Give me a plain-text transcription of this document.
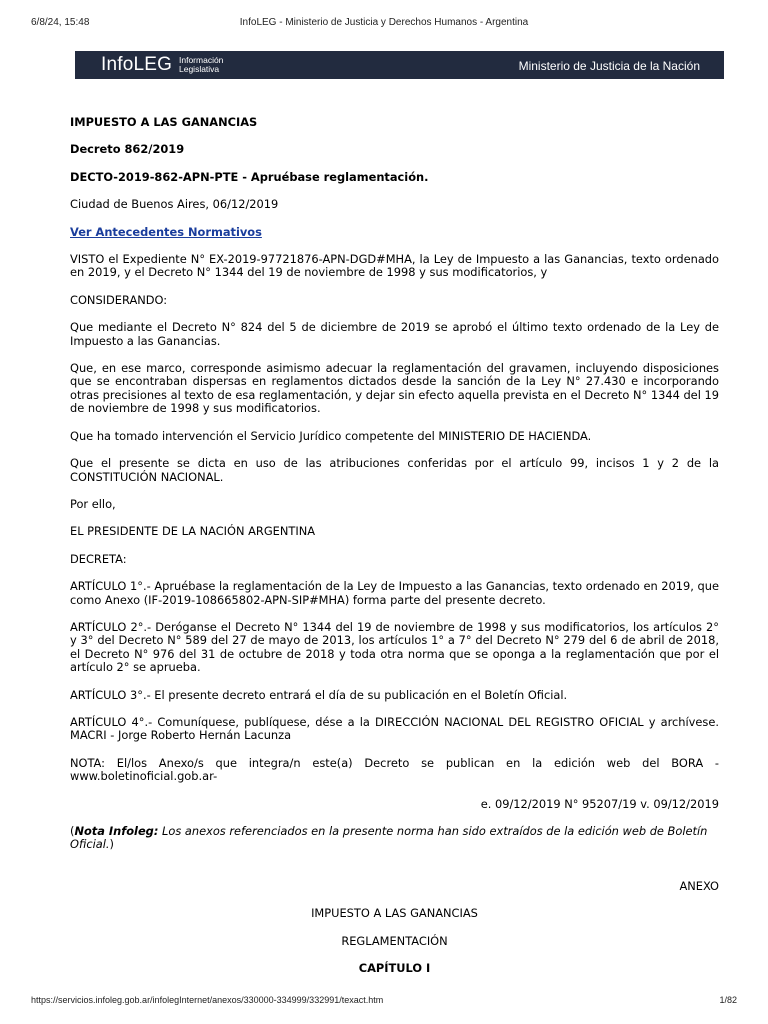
6/8/24, 15:48	InfoLEG - Ministerio de Justicia y Derechos Humanos - Argentina
InfoLEG Información
Legislativa	Ministerio de Justicia de la Nación

IMPUESTO A LAS GANANCIAS

Decreto 862/2019

DECTO-2019-862-APN-PTE - Apruébase reglamentación.

Ciudad de Buenos Aires, 06/12/2019

Ver Antecedentes Normativos

VISTO el Expediente N° EX-2019-97721876-APN-DGD#MHA, la Ley de Impuesto a las Ganancias, texto ordenado en 2019, y el Decreto N° 1344 del 19 de noviembre de 1998 y sus modificatorios, y

CONSIDERANDO:

Que mediante el Decreto N° 824 del 5 de diciembre de 2019 se aprobó el último texto ordenado de la Ley de Impuesto a las Ganancias.

Que, en ese marco, corresponde asimismo adecuar la reglamentación del gravamen, incluyendo disposiciones que se encontraban dispersas en reglamentos dictados desde la sanción de la Ley N° 27.430 e incorporando otras precisiones al texto de esa reglamentación, y dejar sin efecto aquella prevista en el Decreto N° 1344 del 19 de noviembre de 1998 y sus modificatorios.

Que ha tomado intervención el Servicio Jurídico competente del MINISTERIO DE HACIENDA.

Que el presente se dicta en uso de las atribuciones conferidas por el artículo 99, incisos 1 y 2 de la CONSTITUCIÓN NACIONAL.

Por ello,

EL PRESIDENTE DE LA NACIÓN ARGENTINA

DECRETA:

ARTÍCULO 1°.- Apruébase la reglamentación de la Ley de Impuesto a las Ganancias, texto ordenado en 2019, que como Anexo (IF-2019-108665802-APN-SIP#MHA) forma parte del presente decreto.

ARTÍCULO 2°.- Deróganse el Decreto N° 1344 del 19 de noviembre de 1998 y sus modificatorios, los artículos 2° y 3° del Decreto N° 589 del 27 de mayo de 2013, los artículos 1° a 7° del Decreto N° 279 del 6 de abril de 2018, el Decreto N° 976 del 31 de octubre de 2018 y toda otra norma que se oponga a la reglamentación que por el artículo 2° se aprueba.

ARTÍCULO 3°.- El presente decreto entrará el día de su publicación en el Boletín Oficial.

ARTÍCULO 4°.- Comuníquese, publíquese, dése a la DIRECCIÓN NACIONAL DEL REGISTRO OFICIAL y archívese. MACRI - Jorge Roberto Hernán Lacunza

NOTA: El/los Anexo/s que integra/n este(a) Decreto se publican en la edición web del BORA - www.boletinoficial.gob.ar-

e. 09/12/2019 N° 95207/19 v. 09/12/2019

(Nota Infoleg: Los anexos referenciados en la presente norma han sido extraídos de la edición web de Boletín Oficial.)

ANEXO

IMPUESTO A LAS GANANCIAS

REGLAMENTACIÓN

CAPÍTULO I

https://servicios.infoleg.gob.ar/infolegInternet/anexos/330000-334999/332991/texact.htm	1/82
